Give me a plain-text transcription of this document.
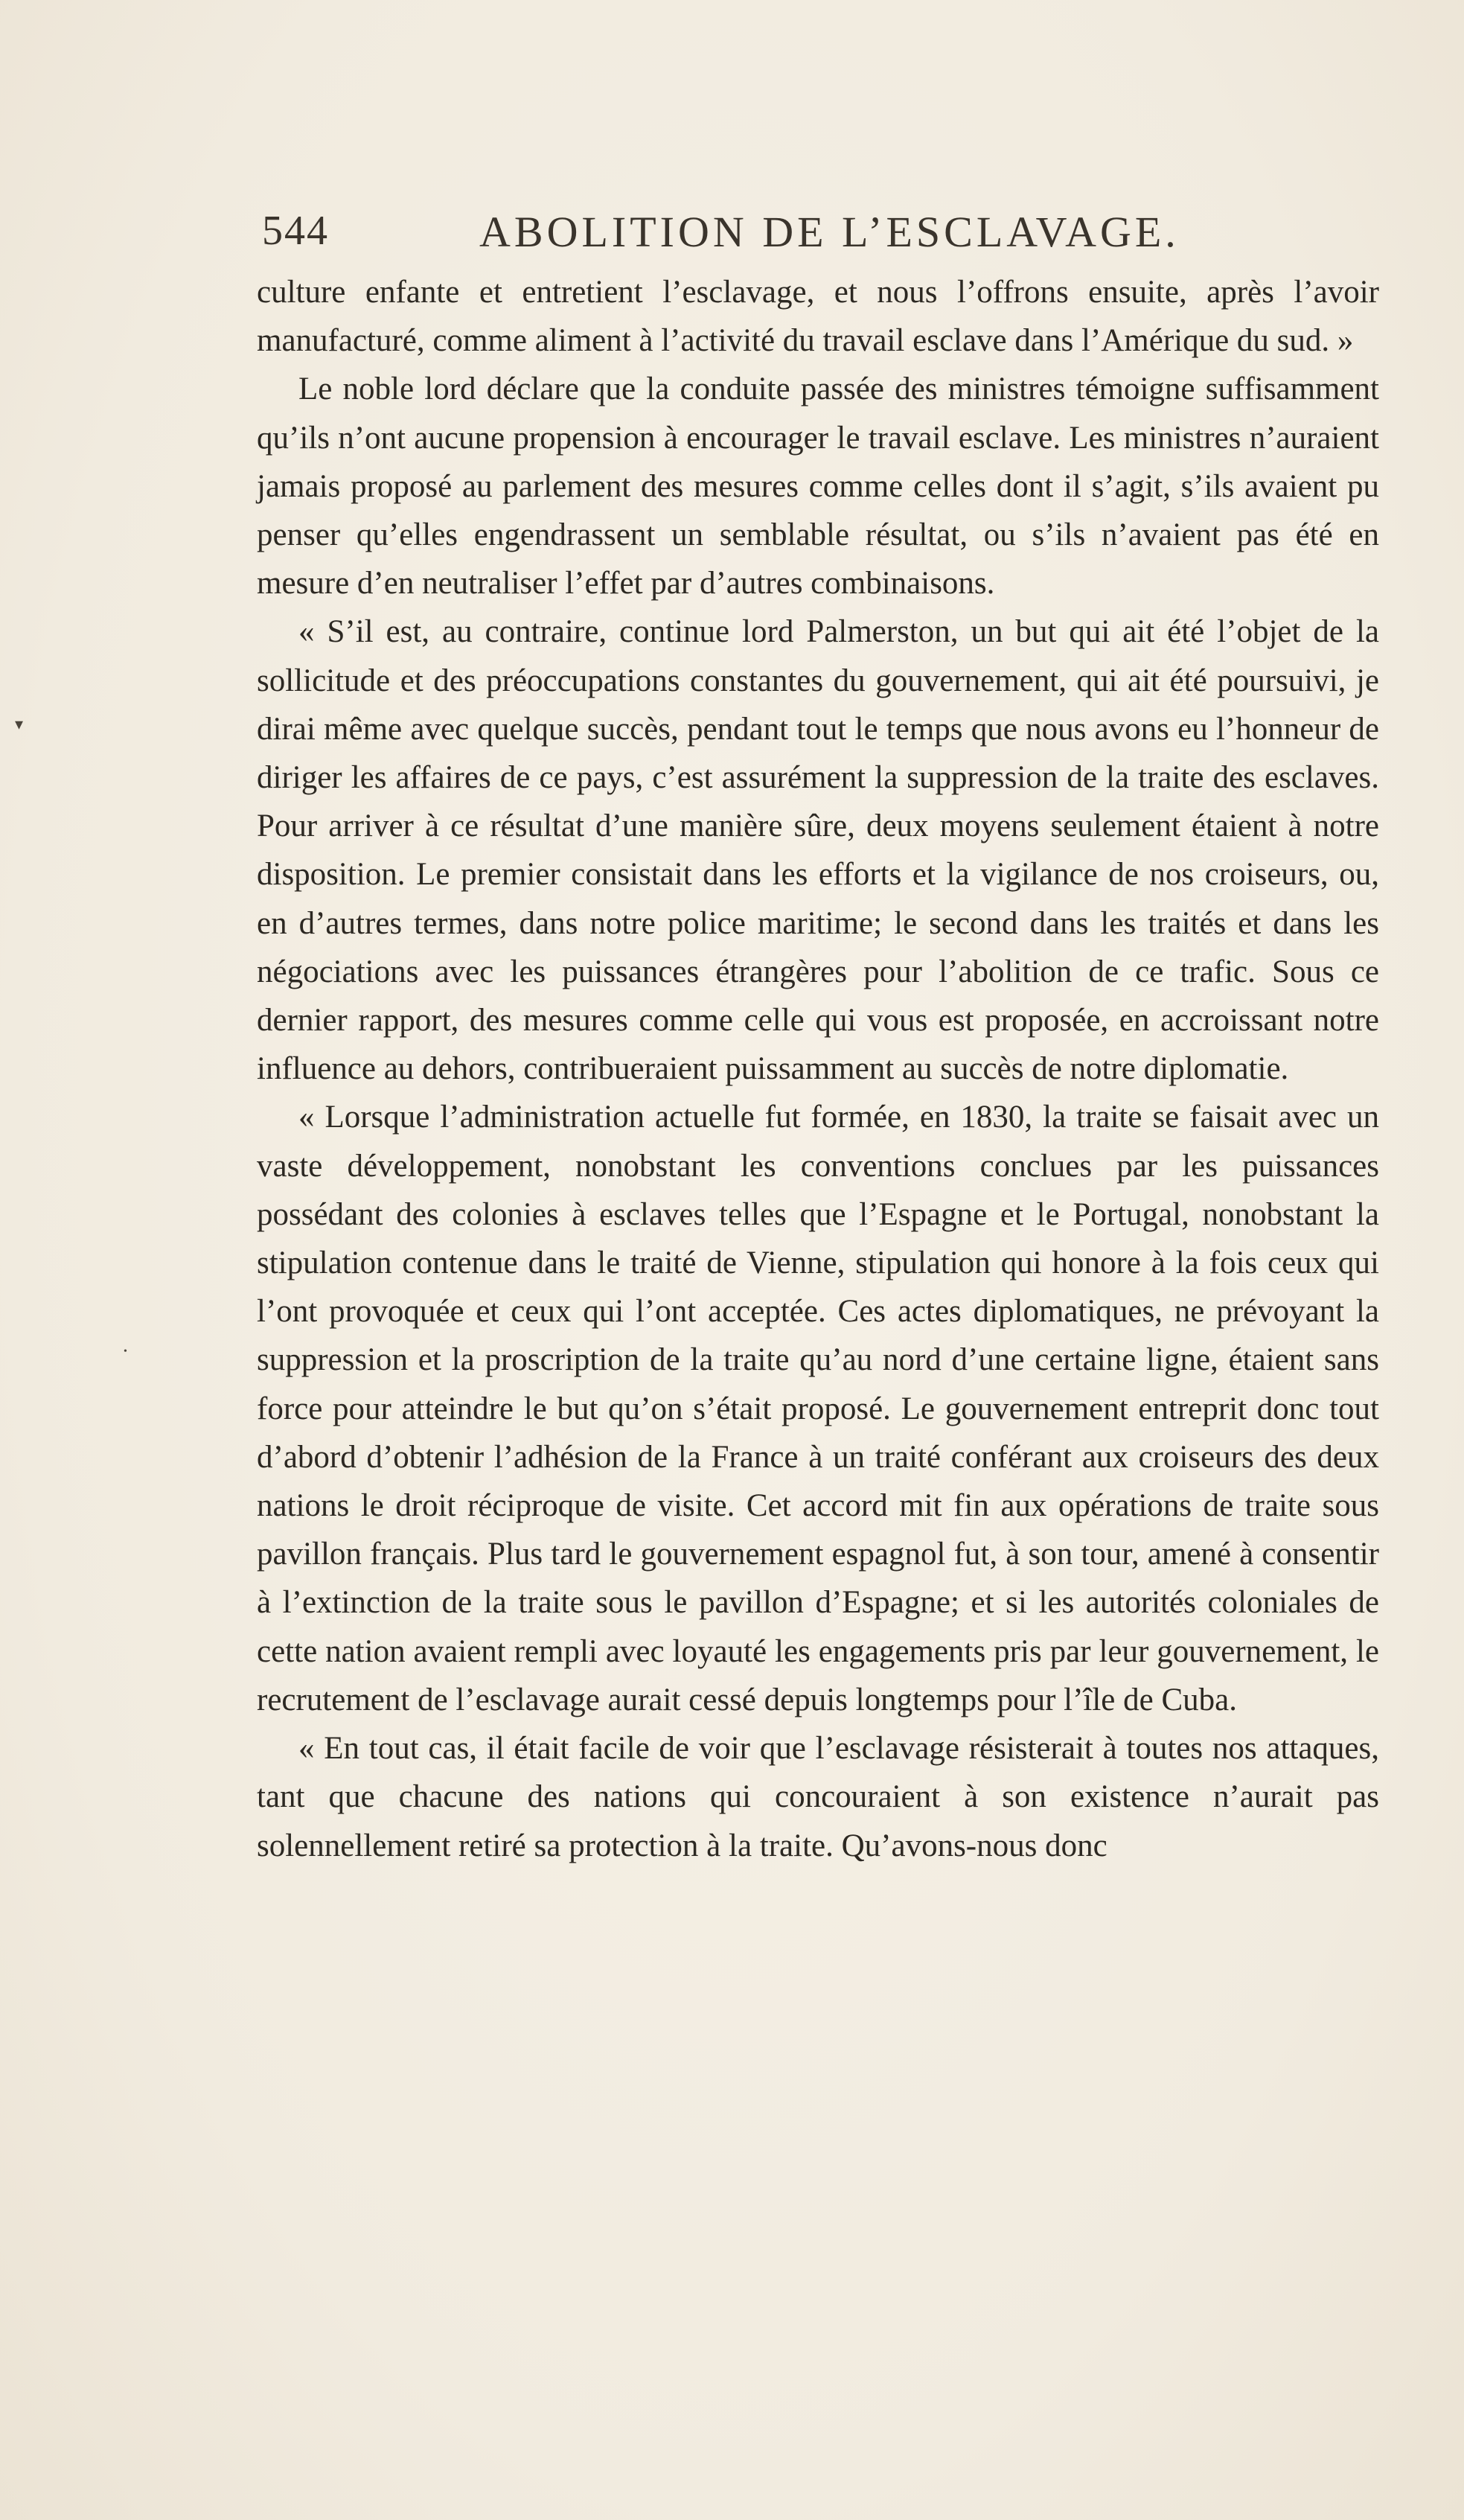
▾
•
544	ABOLITION DE L’ESCLAVAGE.

culture enfante et entretient l’esclavage, et nous l’offrons ensuite, après l’avoir manufacturé, comme aliment à l’activité du travail esclave dans l’Amérique du sud. »

Le noble lord déclare que la conduite passée des ministres témoigne suffisamment qu’ils n’ont aucune propension à encourager le travail esclave. Les ministres n’auraient jamais proposé au parlement des mesures comme celles dont il s’agit, s’ils avaient pu penser qu’elles engendrassent un semblable résultat, ou s’ils n’avaient pas été en mesure d’en neutraliser l’effet par d’autres combinaisons.

« S’il est, au contraire, continue lord Palmerston, un but qui ait été l’objet de la sollicitude et des préoccupations constantes du gouvernement, qui ait été poursuivi, je dirai même avec quelque succès, pendant tout le temps que nous avons eu l’honneur de diriger les affaires de ce pays, c’est assurément la suppression de la traite des esclaves. Pour arriver à ce résultat d’une manière sûre, deux moyens seulement étaient à notre disposition. Le premier consistait dans les efforts et la vigilance de nos croiseurs, ou, en d’autres termes, dans notre police maritime; le second dans les traités et dans les négociations avec les puissances étrangères pour l’abolition de ce trafic. Sous ce dernier rapport, des mesures comme celle qui vous est proposée, en accroissant notre influence au dehors, contribueraient puissamment au succès de notre diplomatie.

« Lorsque l’administration actuelle fut formée, en 1830, la traite se faisait avec un vaste développement, nonobstant les conventions conclues par les puissances possédant des colonies à esclaves telles que l’Espagne et le Portugal, nonobstant la stipulation contenue dans le traité de Vienne, stipulation qui honore à la fois ceux qui l’ont provoquée et ceux qui l’ont acceptée. Ces actes diplomatiques, ne prévoyant la suppression et la proscription de la traite qu’au nord d’une certaine ligne, étaient sans force pour atteindre le but qu’on s’était proposé. Le gouvernement entreprit donc tout d’abord d’obtenir l’adhésion de la France à un traité conférant aux croiseurs des deux nations le droit réciproque de visite. Cet accord mit fin aux opérations de traite sous pavillon français. Plus tard le gouvernement espagnol fut, à son tour, amené à consentir à l’extinction de la traite sous le pavillon d’Espagne; et si les autorités coloniales de cette nation avaient rempli avec loyauté les engagements pris par leur gouvernement, le recrutement de l’esclavage aurait cessé depuis longtemps pour l’île de Cuba.

« En tout cas, il était facile de voir que l’esclavage résisterait à toutes nos attaques, tant que chacune des nations qui concouraient à son existence n’aurait pas solennellement retiré sa protection à la traite. Qu’avons-nous donc
